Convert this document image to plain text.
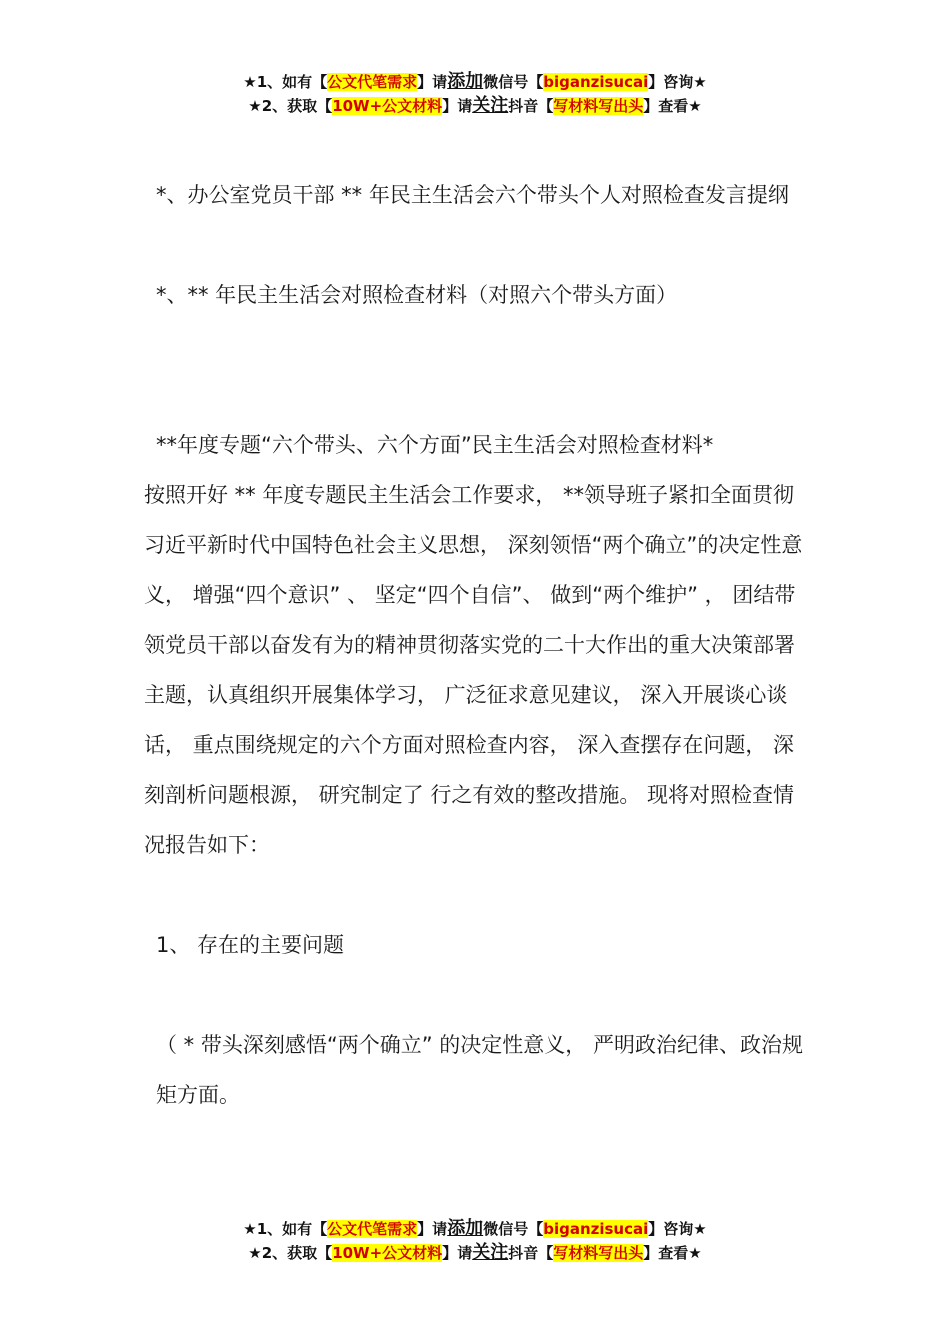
★1、如有【公文代笔需求】请添加微信号【biganzisucai】咨询★
★2、获取【10W+公文材料】请关注抖音【写材料写出头】查看★

*、办公室党员干部 ** 年民主生活会六个带头个人对照检查发言提纲

*、** 年民主生活会对照检查材料（对照六个带头方面）

**年度专题“六个带头、六个方面”民主生活会对照检查材料*

按照开好 ** 年度专题民主生活会工作要求， **领导班子紧扣全面贯彻习近平新时代中国特色社会主义思想， 深刻领悟“两个确立”的决定性意义， 增强“四个意识” 、 坚定“四个自信”、 做到“两个维护” ， 团结带领党员干部以奋发有为的精神贯彻落实党的二十大作出的重大决策部署主题，认真组织开展集体学习， 广泛征求意见建议， 深入开展谈心谈话， 重点围绕规定的六个方面对照检查内容， 深入查摆存在问题， 深刻剖析问题根源， 研究制定了 行之有效的整改措施。 现将对照检查情况报告如下：

1、 存在的主要问题

（ * 带头深刻感悟“两个确立” 的决定性意义， 严明政治纪律、政治规矩方面。

★1、如有【公文代笔需求】请添加微信号【biganzisucai】咨询★
★2、获取【10W+公文材料】请关注抖音【写材料写出头】查看★
